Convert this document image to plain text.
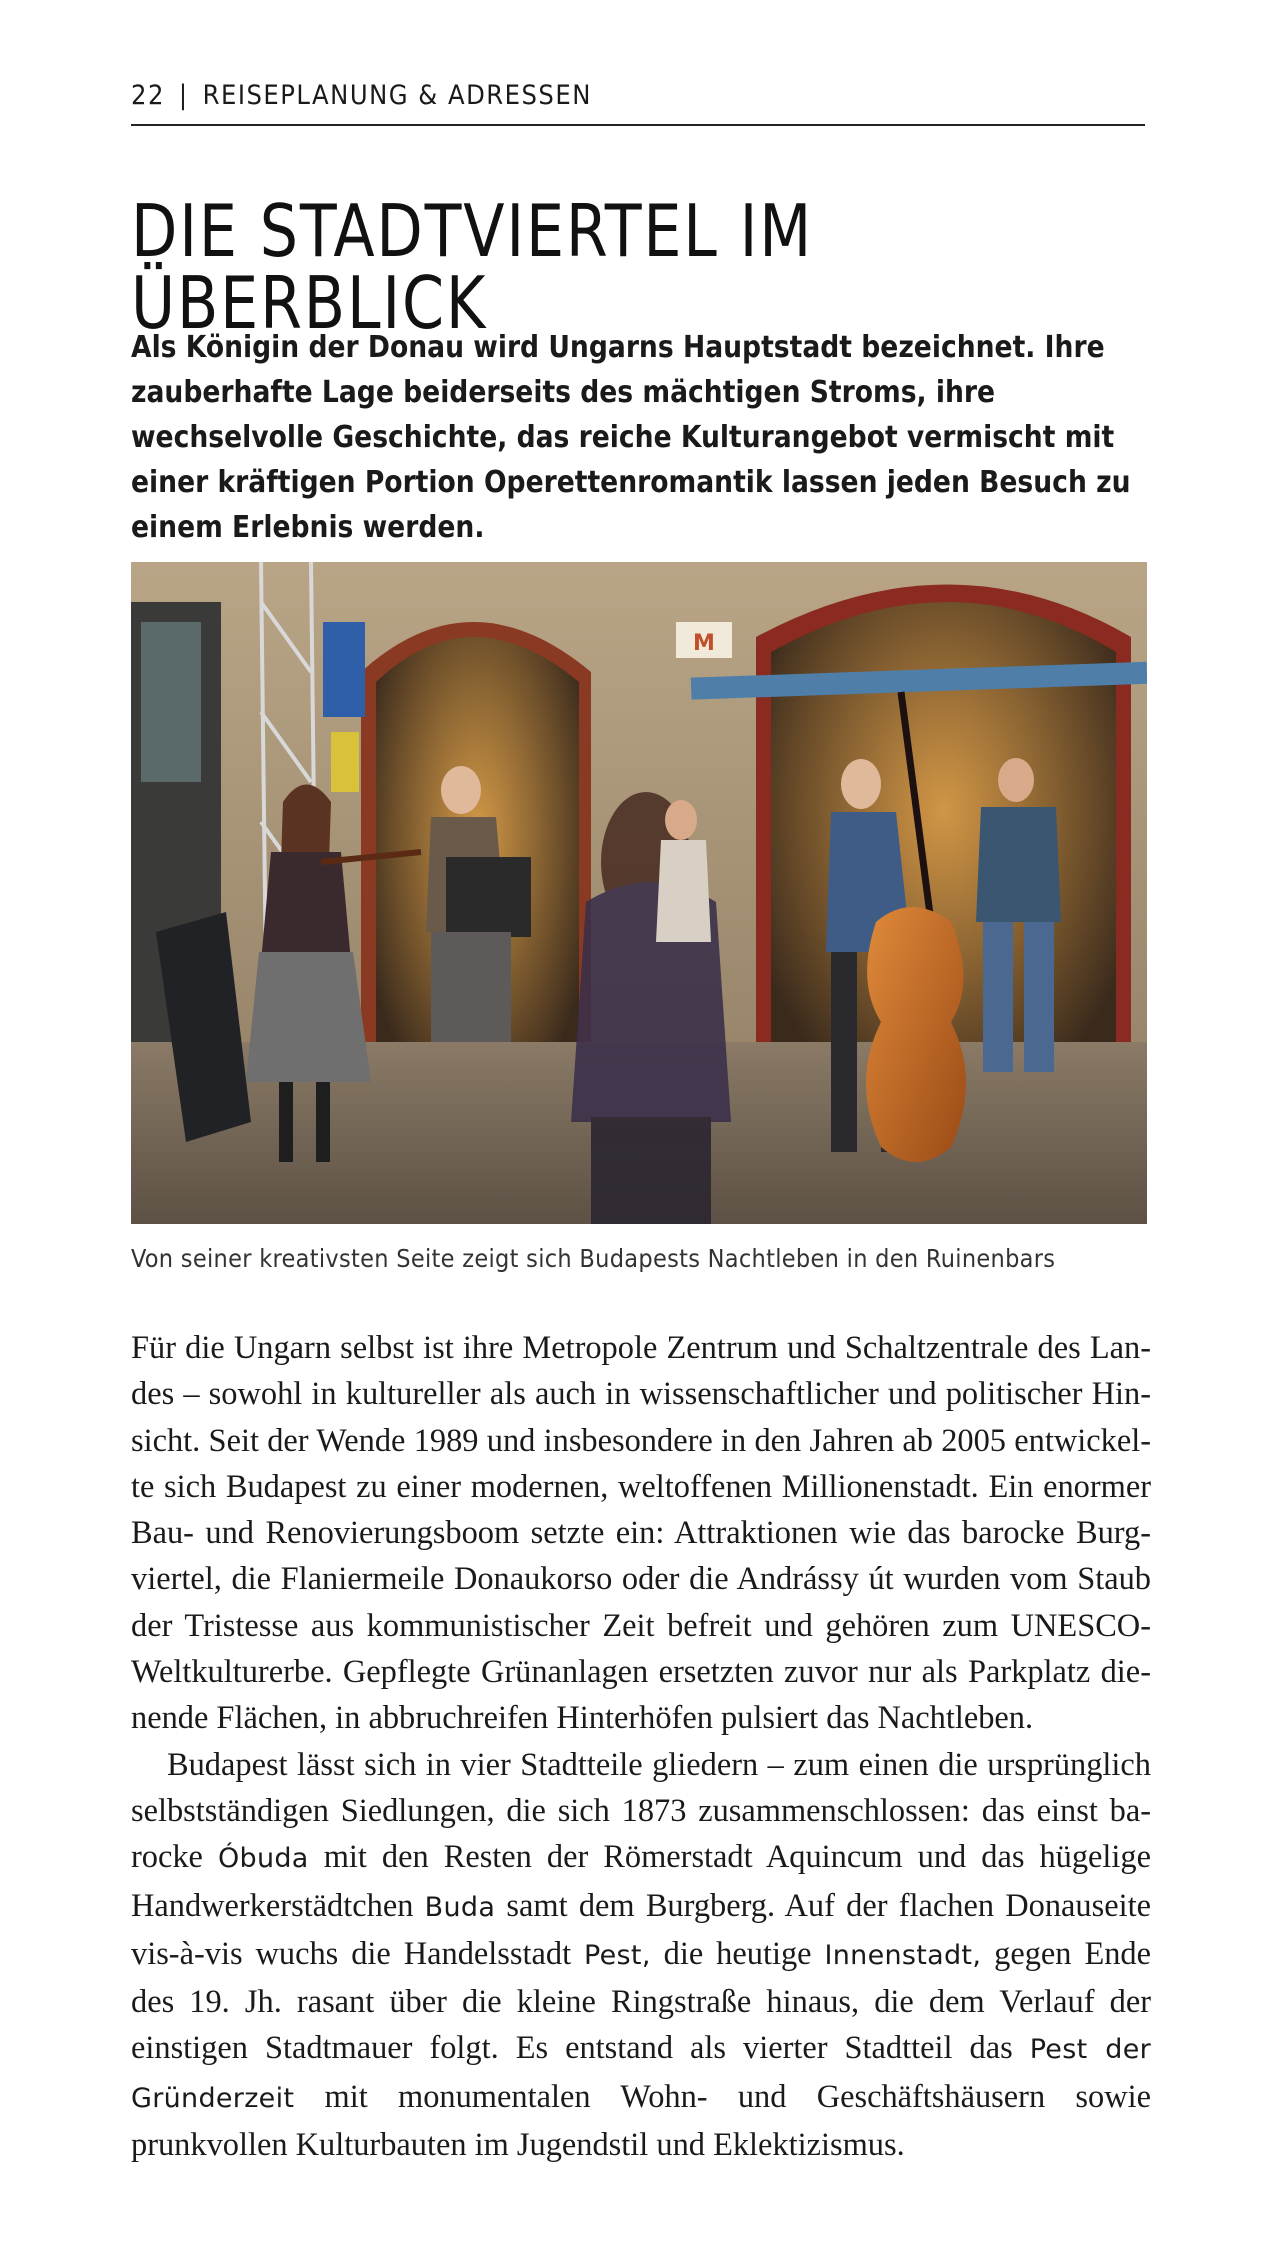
22 | REISEPLANUNG & ADRESSEN
DIE STADTVIERTEL IM ÜBERBLICK

Als Königin der Donau wird Ungarns Hauptstadt bezeichnet. Ihre zauberhafte Lage beiderseits des mächtigen Stroms, ihre wechselvolle Geschichte, das reiche Kulturangebot vermischt mit einer kräftigen Portion Operettenromantik lassen jeden Besuch zu einem Erlebnis werden.

M

Von seiner kreativsten Seite zeigt sich Budapests Nachtleben in den Ruinenbars

Für die Ungarn selbst ist ihre Metropole Zentrum und Schaltzentrale des Landes – sowohl in kultureller als auch in wissenschaftlicher und politischer Hinsicht. Seit der Wende 1989 und insbesondere in den Jahren ab 2005 entwickelte sich Budapest zu einer modernen, weltoffenen Millionenstadt. Ein enormer Bau- und Renovierungsboom setzte ein: Attraktionen wie das barocke Burgviertel, die Flaniermeile Donaukorso oder die Andrássy út wurden vom Staub der Tristesse aus kommunistischer Zeit befreit und gehören zum UNESCO-Weltkulturerbe. Gepflegte Grünanlagen ersetzten zuvor nur als Parkplatz dienende Flächen, in abbruchreifen Hinterhöfen pulsiert das Nachtleben.

Budapest lässt sich in vier Stadtteile gliedern – zum einen die ursprünglich selbstständigen Siedlungen, die sich 1873 zusammenschlossen: das einst barocke Óbuda mit den Resten der Römerstadt Aquincum und das hügelige Handwerkerstädtchen Buda samt dem Burgberg. Auf der flachen Donauseite vis-à-vis wuchs die Handelsstadt Pest, die heutige Innenstadt, gegen Ende des 19. Jh. rasant über die kleine Ringstraße hinaus, die dem Verlauf der einstigen Stadtmauer folgt. Es entstand als vierter Stadtteil das Pest der Gründerzeit mit monumentalen Wohn- und Geschäftshäusern sowie prunkvollen Kulturbauten im Jugendstil und Eklektizismus.
